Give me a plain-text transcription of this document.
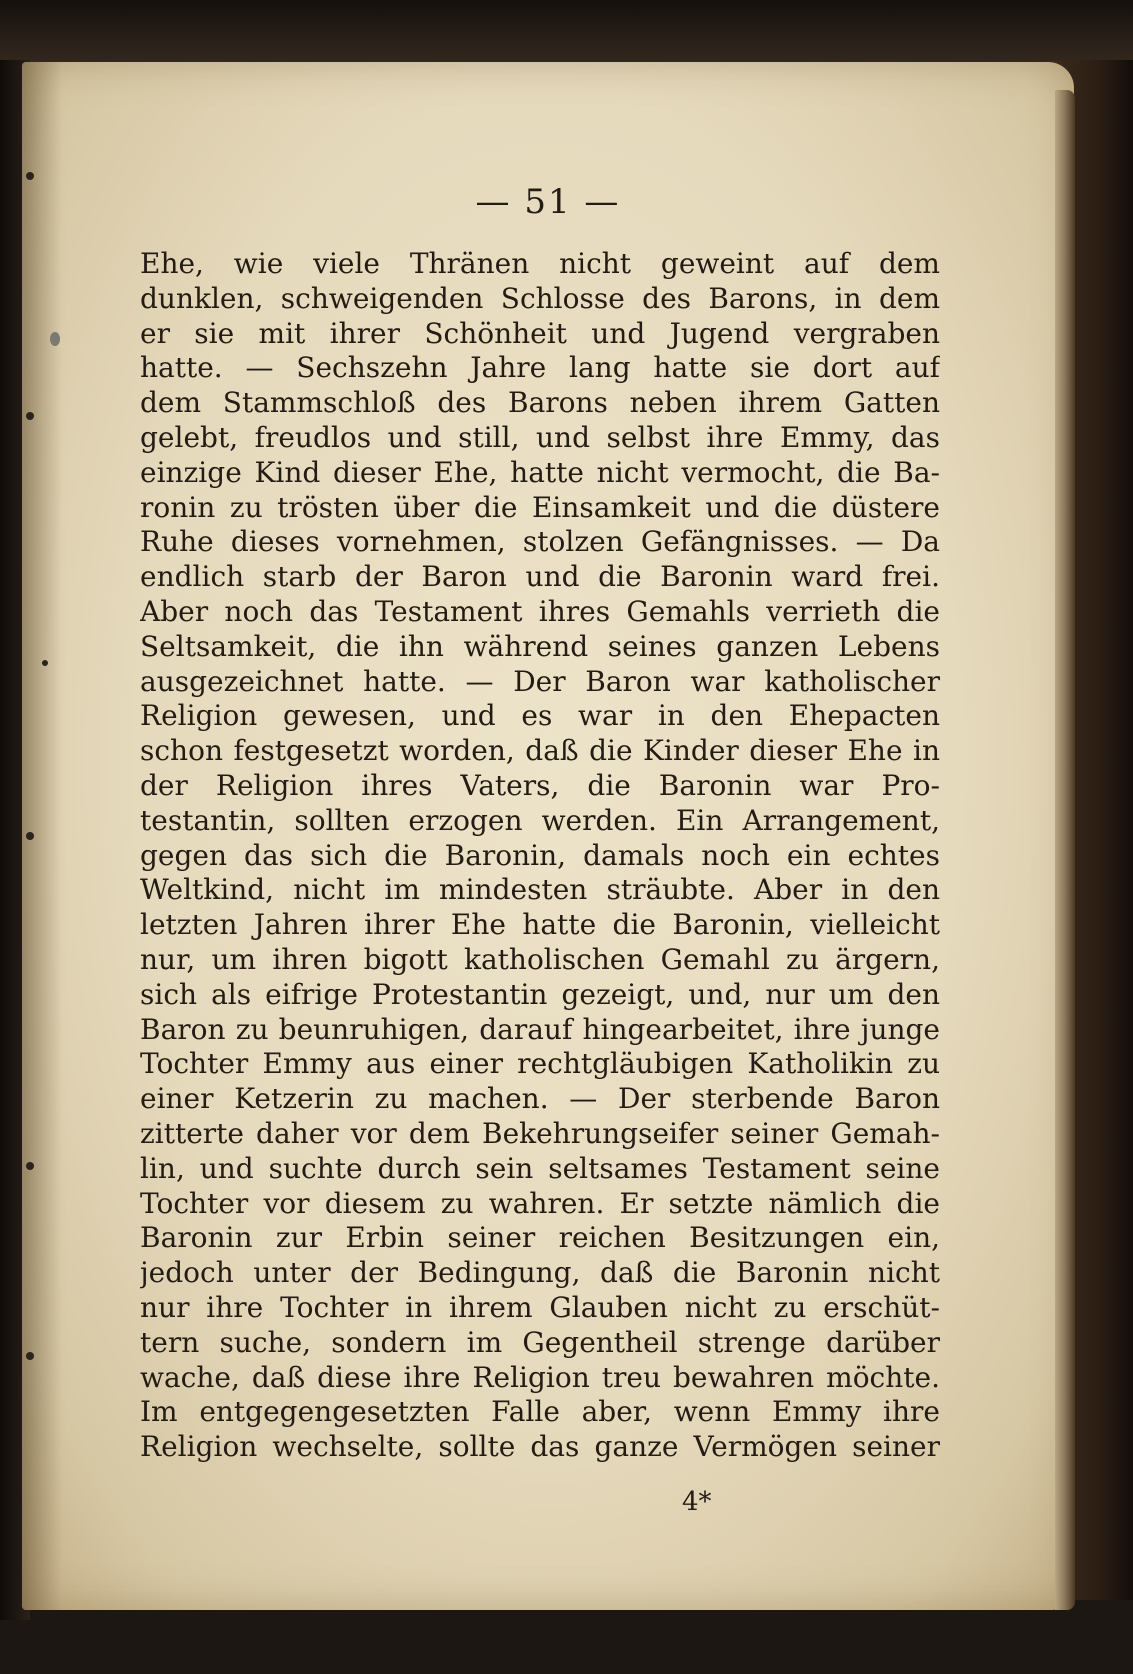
— 51 —
Ehe, wie viele Thränen nicht geweint auf dem
dunklen, schweigenden Schlosse des Barons, in dem
er sie mit ihrer Schönheit und Jugend vergraben
hatte. — Sechszehn Jahre lang hatte sie dort auf
dem Stammschloß des Barons neben ihrem Gatten
gelebt, freudlos und still, und selbst ihre Emmy, das
einzige Kind dieser Ehe, hatte nicht vermocht, die Ba-
ronin zu trösten über die Einsamkeit und die düstere
Ruhe dieses vornehmen, stolzen Gefängnisses. — Da
endlich starb der Baron und die Baronin ward frei.
Aber noch das Testament ihres Gemahls verrieth die
Seltsamkeit, die ihn während seines ganzen Lebens
ausgezeichnet hatte. — Der Baron war katholischer
Religion gewesen, und es war in den Ehepacten
schon festgesetzt worden, daß die Kinder dieser Ehe in
der Religion ihres Vaters, die Baronin war Pro-
testantin, sollten erzogen werden. Ein Arrangement,
gegen das sich die Baronin, damals noch ein echtes
Weltkind, nicht im mindesten sträubte. Aber in den
letzten Jahren ihrer Ehe hatte die Baronin, vielleicht
nur, um ihren bigott katholischen Gemahl zu ärgern,
sich als eifrige Protestantin gezeigt, und, nur um den
Baron zu beunruhigen, darauf hingearbeitet, ihre junge
Tochter Emmy aus einer rechtgläubigen Katholikin zu
einer Ketzerin zu machen. — Der sterbende Baron
zitterte daher vor dem Bekehrungseifer seiner Gemah-
lin, und suchte durch sein seltsames Testament seine
Tochter vor diesem zu wahren. Er setzte nämlich die
Baronin zur Erbin seiner reichen Besitzungen ein,
jedoch unter der Bedingung, daß die Baronin nicht
nur ihre Tochter in ihrem Glauben nicht zu erschüt-
tern suche, sondern im Gegentheil strenge darüber
wache, daß diese ihre Religion treu bewahren möchte.
Im entgegengesetzten Falle aber, wenn Emmy ihre
Religion wechselte, sollte das ganze Vermögen seiner
4*
